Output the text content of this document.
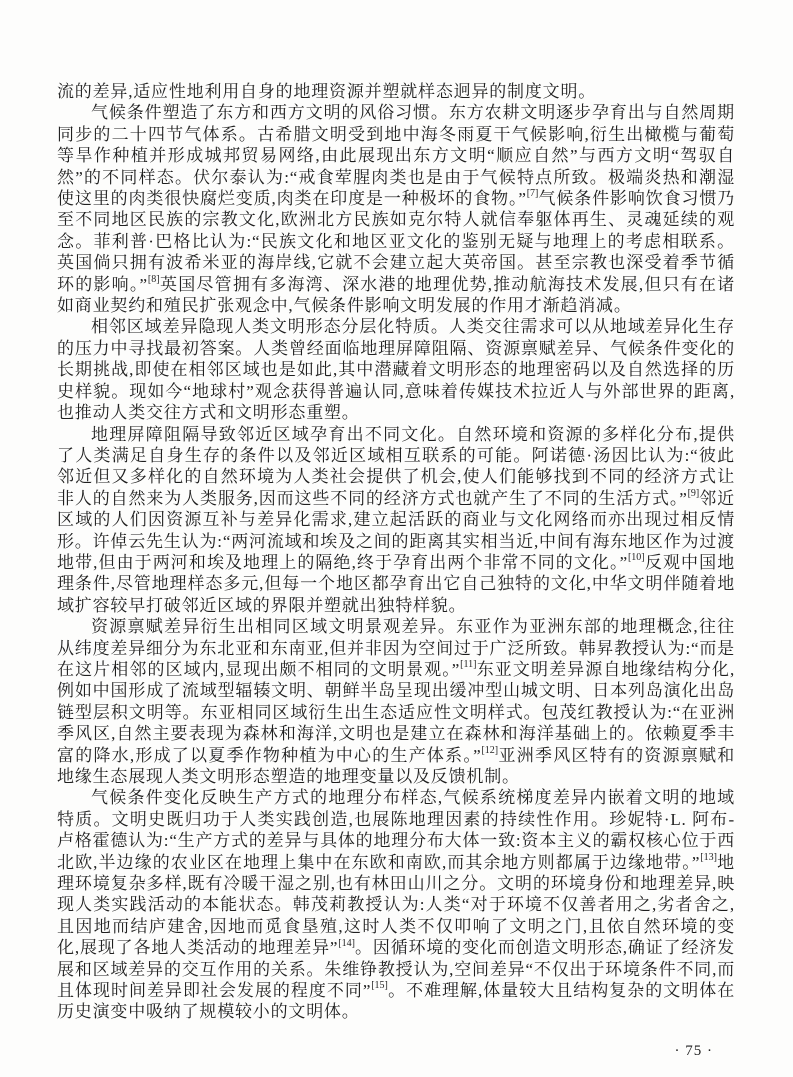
流的差异,适应性地利用自身的地理资源并塑就样态迥异的制度文明。

气候条件塑造了东方和西方文明的风俗习惯。东方农耕文明逐步孕育出与自然周期同步的二十四节气体系。古希腊文明受到地中海冬雨夏干气候影响,衍生出橄榄与葡萄等旱作种植并形成城邦贸易网络,由此展现出东方文明“顺应自然”与西方文明“驾驭自然”的不同样态。伏尔泰认为:“戒食荤腥肉类也是由于气候特点所致。极端炎热和潮湿使这里的肉类很快腐烂变质,肉类在印度是一种极坏的食物。”[7]气候条件影响饮食习惯乃至不同地区民族的宗教文化,欧洲北方民族如克尔特人就信奉躯体再生、灵魂延续的观念。菲利普·巴格比认为:“民族文化和地区亚文化的鉴别无疑与地理上的考虑相联系。英国倘只拥有波希米亚的海岸线,它就不会建立起大英帝国。甚至宗教也深受着季节循环的影响。”[8]英国尽管拥有多海湾、深水港的地理优势,推动航海技术发展,但只有在诸如商业契约和殖民扩张观念中,气候条件影响文明发展的作用才渐趋消减。

相邻区域差异隐现人类文明形态分层化特质。人类交往需求可以从地域差异化生存的压力中寻找最初答案。人类曾经面临地理屏障阻隔、资源禀赋差异、气候条件变化的长期挑战,即使在相邻区域也是如此,其中潜藏着文明形态的地理密码以及自然选择的历史样貌。现如今“地球村”观念获得普遍认同,意味着传媒技术拉近人与外部世界的距离,也推动人类交往方式和文明形态重塑。

地理屏障阻隔导致邻近区域孕育出不同文化。自然环境和资源的多样化分布,提供了人类满足自身生存的条件以及邻近区域相互联系的可能。阿诺德·汤因比认为:“彼此邻近但又多样化的自然环境为人类社会提供了机会,使人们能够找到不同的经济方式让非人的自然来为人类服务,因而这些不同的经济方式也就产生了不同的生活方式。”[9]邻近区域的人们因资源互补与差异化需求,建立起活跃的商业与文化网络而亦出现过相反情形。许倬云先生认为:“两河流域和埃及之间的距离其实相当近,中间有海东地区作为过渡地带,但由于两河和埃及地理上的隔绝,终于孕育出两个非常不同的文化。”[10]反观中国地理条件,尽管地理样态多元,但每一个地区都孕育出它自己独特的文化,中华文明伴随着地域扩容较早打破邻近区域的界限并塑就出独特样貌。

资源禀赋差异衍生出相同区域文明景观差异。东亚作为亚洲东部的地理概念,往往从纬度差异细分为东北亚和东南亚,但并非因为空间过于广泛所致。韩昇教授认为:“而是在这片相邻的区域内,显现出颇不相同的文明景观。”[11]东亚文明差异源自地缘结构分化,例如中国形成了流域型辐辏文明、朝鲜半岛呈现出缓冲型山城文明、日本列岛演化出岛链型层积文明等。东亚相同区域衍生出生态适应性文明样式。包茂红教授认为:“在亚洲季风区,自然主要表现为森林和海洋,文明也是建立在森林和海洋基础上的。依赖夏季丰富的降水,形成了以夏季作物种植为中心的生产体系。”[12]亚洲季风区特有的资源禀赋和地缘生态展现人类文明形态塑造的地理变量以及反馈机制。

气候条件变化反映生产方式的地理分布样态,气候系统梯度差异内嵌着文明的地域特质。文明史既归功于人类实践创造,也展陈地理因素的持续性作用。珍妮特·L. 阿布-卢格霍德认为:“生产方式的差异与具体的地理分布大体一致:资本主义的霸权核心位于西北欧,半边缘的农业区在地理上集中在东欧和南欧,而其余地方则都属于边缘地带。”[13]地理环境复杂多样,既有冷暖干湿之别,也有林田山川之分。文明的环境身份和地理差异,映现人类实践活动的本能状态。韩茂莉教授认为:人类“对于环境不仅善者用之,劣者舍之,且因地而结庐建舍,因地而觅食垦殖,这时人类不仅叩响了文明之门,且依自然环境的变化,展现了各地人类活动的地理差异”[14]。因循环境的变化而创造文明形态,确证了经济发展和区域差异的交互作用的关系。朱维铮教授认为,空间差异“不仅出于环境条件不同,而且体现时间差异即社会发展的程度不同”[15]。不难理解,体量较大且结构复杂的文明体在历史演变中吸纳了规模较小的文明体。

· 75 ·
